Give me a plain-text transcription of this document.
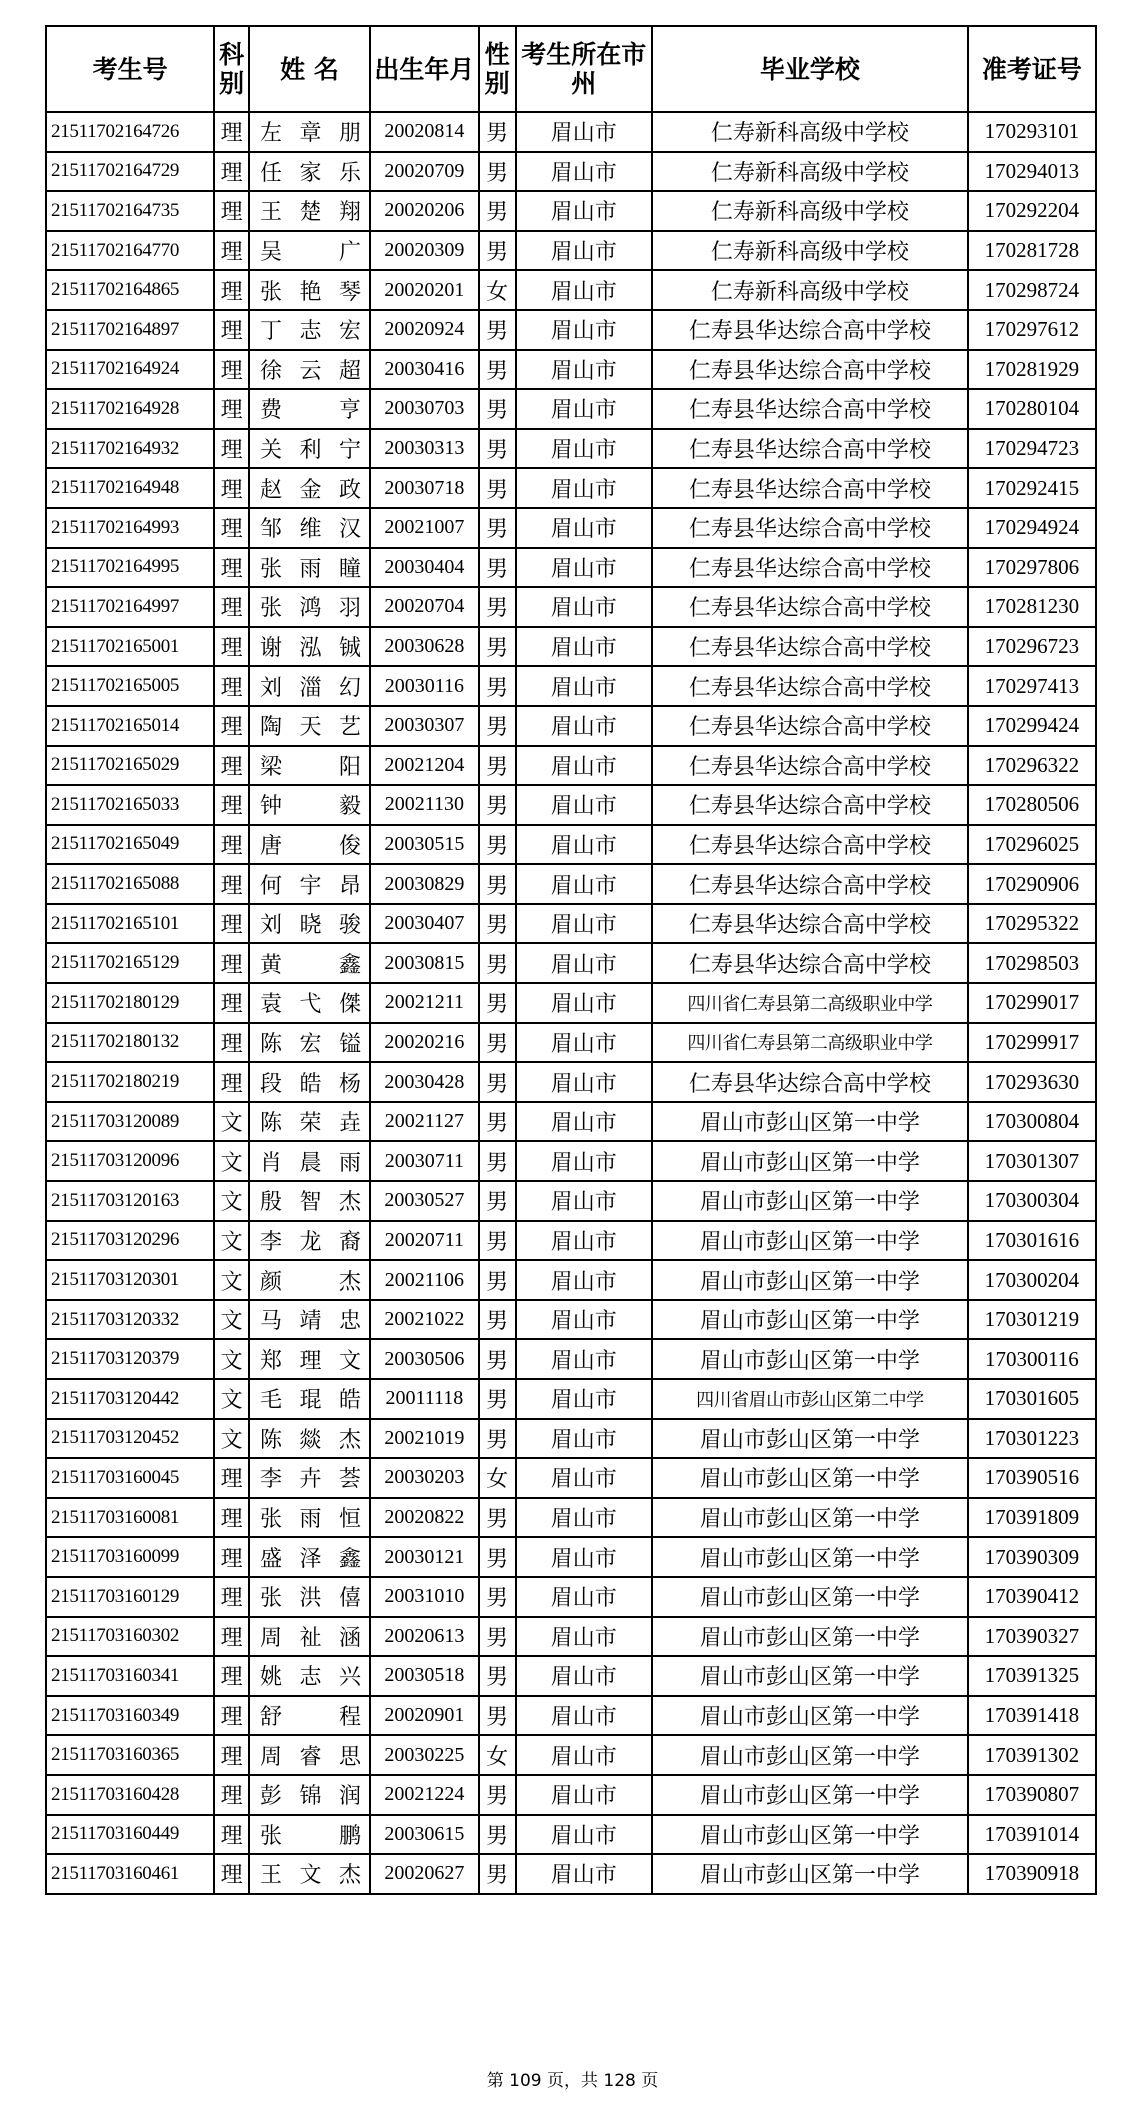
考生号	科别	姓 名	出生年月	性别	考生所在市州	毕业学校	准考证号
21511702164726	理	左章朋	20020814	男	眉山市	仁寿新科高级中学校	170293101
21511702164729	理	任家乐	20020709	男	眉山市	仁寿新科高级中学校	170294013
21511702164735	理	王楚翔	20020206	男	眉山市	仁寿新科高级中学校	170292204
21511702164770	理	吴广	20020309	男	眉山市	仁寿新科高级中学校	170281728
21511702164865	理	张艳琴	20020201	女	眉山市	仁寿新科高级中学校	170298724
21511702164897	理	丁志宏	20020924	男	眉山市	仁寿县华达综合高中学校	170297612
21511702164924	理	徐云超	20030416	男	眉山市	仁寿县华达综合高中学校	170281929
21511702164928	理	费亨	20030703	男	眉山市	仁寿县华达综合高中学校	170280104
21511702164932	理	关利宁	20030313	男	眉山市	仁寿县华达综合高中学校	170294723
21511702164948	理	赵金政	20030718	男	眉山市	仁寿县华达综合高中学校	170292415
21511702164993	理	邹维汉	20021007	男	眉山市	仁寿县华达综合高中学校	170294924
21511702164995	理	张雨瞳	20030404	男	眉山市	仁寿县华达综合高中学校	170297806
21511702164997	理	张鸿羽	20020704	男	眉山市	仁寿县华达综合高中学校	170281230
21511702165001	理	谢泓铖	20030628	男	眉山市	仁寿县华达综合高中学校	170296723
21511702165005	理	刘湽幻	20030116	男	眉山市	仁寿县华达综合高中学校	170297413
21511702165014	理	陶天艺	20030307	男	眉山市	仁寿县华达综合高中学校	170299424
21511702165029	理	梁阳	20021204	男	眉山市	仁寿县华达综合高中学校	170296322
21511702165033	理	钟毅	20021130	男	眉山市	仁寿县华达综合高中学校	170280506
21511702165049	理	唐俊	20030515	男	眉山市	仁寿县华达综合高中学校	170296025
21511702165088	理	何宇昂	20030829	男	眉山市	仁寿县华达综合高中学校	170290906
21511702165101	理	刘晓骏	20030407	男	眉山市	仁寿县华达综合高中学校	170295322
21511702165129	理	黄鑫	20030815	男	眉山市	仁寿县华达综合高中学校	170298503
21511702180129	理	袁弋傑	20021211	男	眉山市	四川省仁寿县第二高级职业中学	170299017
21511702180132	理	陈宏镒	20020216	男	眉山市	四川省仁寿县第二高级职业中学	170299917
21511702180219	理	段皓杨	20030428	男	眉山市	仁寿县华达综合高中学校	170293630
21511703120089	文	陈荣垚	20021127	男	眉山市	眉山市彭山区第一中学	170300804
21511703120096	文	肖晨雨	20030711	男	眉山市	眉山市彭山区第一中学	170301307
21511703120163	文	殷智杰	20030527	男	眉山市	眉山市彭山区第一中学	170300304
21511703120296	文	李龙裔	20020711	男	眉山市	眉山市彭山区第一中学	170301616
21511703120301	文	颜杰	20021106	男	眉山市	眉山市彭山区第一中学	170300204
21511703120332	文	马靖忠	20021022	男	眉山市	眉山市彭山区第一中学	170301219
21511703120379	文	郑理文	20030506	男	眉山市	眉山市彭山区第一中学	170300116
21511703120442	文	毛琨皓	20011118	男	眉山市	四川省眉山市彭山区第二中学	170301605
21511703120452	文	陈燚杰	20021019	男	眉山市	眉山市彭山区第一中学	170301223
21511703160045	理	李卉荟	20030203	女	眉山市	眉山市彭山区第一中学	170390516
21511703160081	理	张雨恒	20020822	男	眉山市	眉山市彭山区第一中学	170391809
21511703160099	理	盛泽鑫	20030121	男	眉山市	眉山市彭山区第一中学	170390309
21511703160129	理	张洪僖	20031010	男	眉山市	眉山市彭山区第一中学	170390412
21511703160302	理	周祉涵	20020613	男	眉山市	眉山市彭山区第一中学	170390327
21511703160341	理	姚志兴	20030518	男	眉山市	眉山市彭山区第一中学	170391325
21511703160349	理	舒程	20020901	男	眉山市	眉山市彭山区第一中学	170391418
21511703160365	理	周睿思	20030225	女	眉山市	眉山市彭山区第一中学	170391302
21511703160428	理	彭锦润	20021224	男	眉山市	眉山市彭山区第一中学	170390807
21511703160449	理	张鹏	20030615	男	眉山市	眉山市彭山区第一中学	170391014
21511703160461	理	王文杰	20020627	男	眉山市	眉山市彭山区第一中学	170390918
第 109 页，共 128 页
